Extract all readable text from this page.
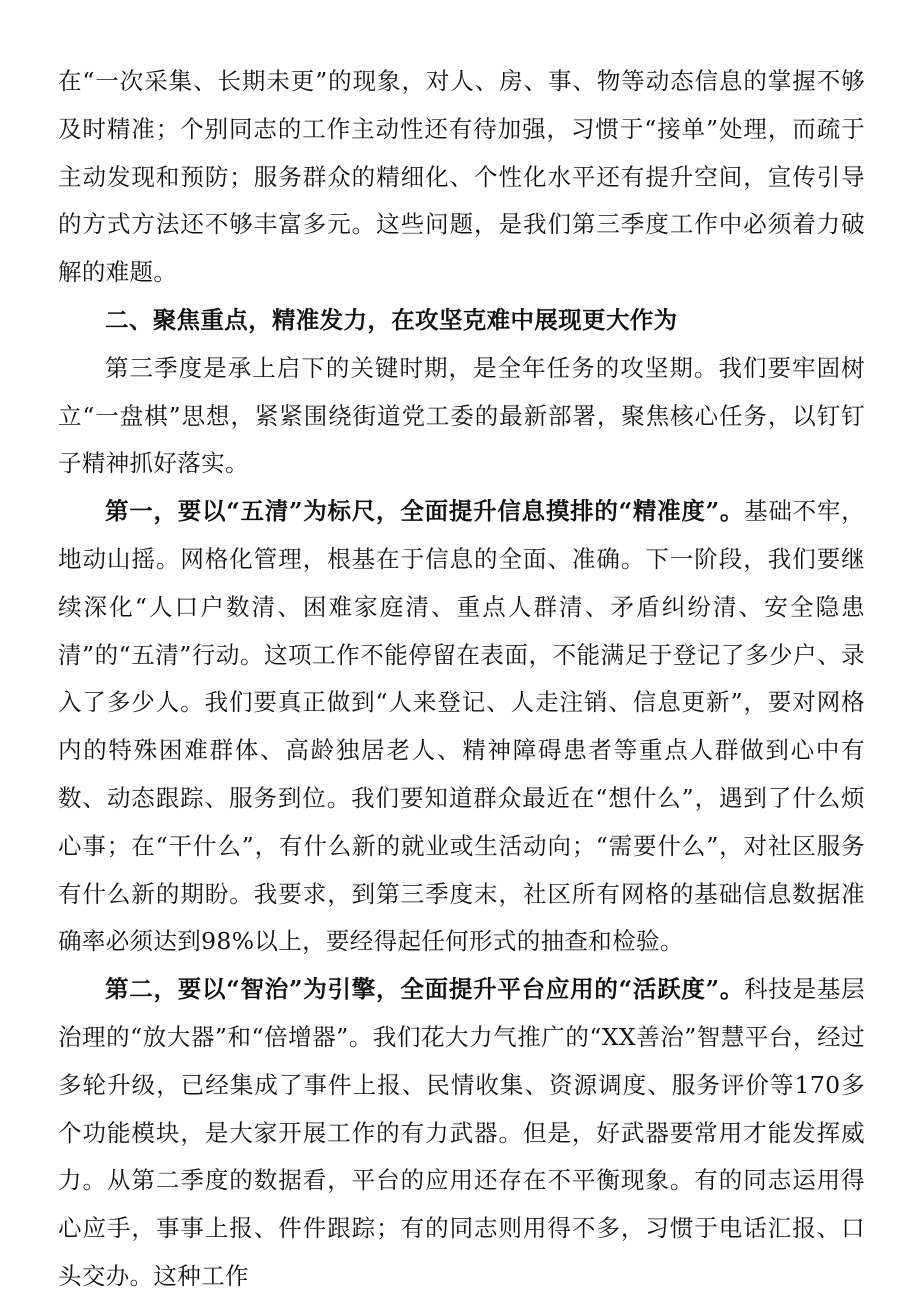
在“一次采集、长期未更”的现象，对人、房、事、物等动态信息的掌握不够及时精准；个别同志的工作主动性还有待加强，习惯于“接单”处理，而疏于主动发现和预防；服务群众的精细化、个性化水平还有提升空间，宣传引导的方式方法还不够丰富多元。这些问题，是我们第三季度工作中必须着力破解的难题。

二、聚焦重点，精准发力，在攻坚克难中展现更大作为

第三季度是承上启下的关键时期，是全年任务的攻坚期。我们要牢固树立“一盘棋”思想，紧紧围绕街道党工委的最新部署，聚焦核心任务，以钉钉子精神抓好落实。

第一，要以“五清”为标尺，全面提升信息摸排的“精准度”。基础不牢，地动山摇。网格化管理，根基在于信息的全面、准确。下一阶段，我们要继续深化“人口户数清、困难家庭清、重点人群清、矛盾纠纷清、安全隐患清”的“五清”行动。这项工作不能停留在表面，不能满足于登记了多少户、录入了多少人。我们要真正做到“人来登记、人走注销、信息更新”，要对网格内的特殊困难群体、高龄独居老人、精神障碍患者等重点人群做到心中有数、动态跟踪、服务到位。我们要知道群众最近在“想什么”，遇到了什么烦心事；在“干什么”，有什么新的就业或生活动向；“需要什么”，对社区服务有什么新的期盼。我要求，到第三季度末，社区所有网格的基础信息数据准确率必须达到98%以上，要经得起任何形式的抽查和检验。

第二，要以“智治”为引擎，全面提升平台应用的“活跃度”。科技是基层治理的“放大器”和“倍增器”。我们花大力气推广的“XX善治”智慧平台，经过多轮升级，已经集成了事件上报、民情收集、资源调度、服务评价等170多个功能模块，是大家开展工作的有力武器。但是，好武器要常用才能发挥威力。从第二季度的数据看，平台的应用还存在不平衡现象。有的同志运用得心应手，事事上报、件件跟踪；有的同志则用得不多，习惯于电话汇报、口头交办。这种工作
